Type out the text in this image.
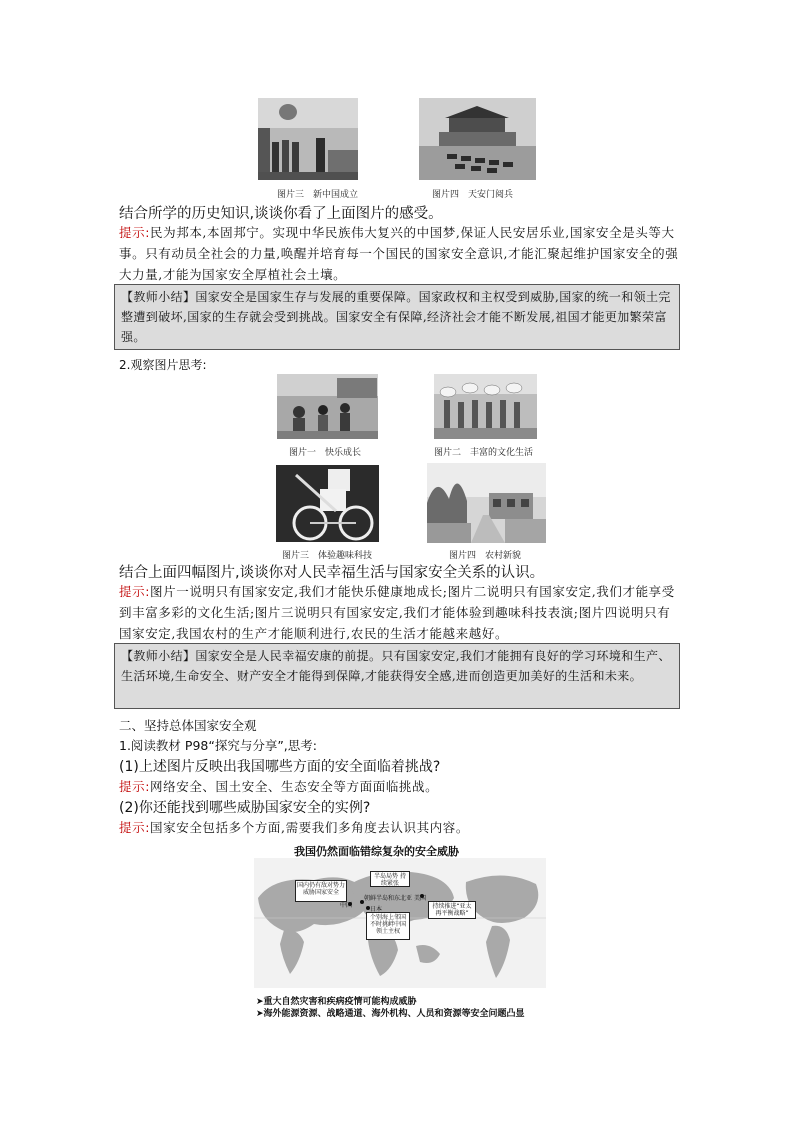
图片三　新中国成立	图片四　天安门阅兵
结合所学的历史知识,谈谈你看了上面图片的感受。
提示:民为邦本,本固邦宁。实现中华民族伟大复兴的中国梦,保证人民安居乐业,国家安全是头等大事。只有动员全社会的力量,唤醒并培育每一个国民的国家安全意识,才能汇聚起维护国家安全的强大力量,才能为国家安全厚植社会土壤。
【教师小结】国家安全是国家生存与发展的重要保障。国家政权和主权受到威胁,国家的统一和领土完整遭到破坏,国家的生存就会受到挑战。国家安全有保障,经济社会才能不断发展,祖国才能更加繁荣富强。
2.观察图片思考:
图片一　快乐成长	图片二　丰富的文化生活
图片三　体验趣味科技	图片四　农村新貌
结合上面四幅图片,谈谈你对人民幸福生活与国家安全关系的认识。
提示:图片一说明只有国家安定,我们才能快乐健康地成长;图片二说明只有国家安定,我们才能享受到丰富多彩的文化生活;图片三说明只有国家安定,我们才能体验到趣味科技表演;图片四说明只有国家安定,我国农村的生产才能顺利进行,农民的生活才能越来越好。
【教师小结】国家安全是人民幸福安康的前提。只有国家安定,我们才能拥有良好的学习环境和生产、生活环境,生命安全、财产安全才能得到保障,才能获得安全感,进而创造更加美好的生活和未来。
二、坚持总体国家安全观
1.阅读教材 P98“探究与分享”,思考:
(1)上述图片反映出我国哪些方面的安全面临着挑战?
提示:网络安全、国土安全、生态安全等方面面临挑战。
(2)你还能找到哪些威胁国家安全的实例?
提示:国家安全包括多个方面,需要我们多角度去认识其内容。
我国仍然面临错综复杂的安全威胁
国内仍有敌对势力威胁国家安全
半岛局势 持续紧张
个别海上邻国 不时挑衅中国 领土主权
持续推进“亚太再平衡战略”
中国
朝鲜半岛和东北亚
日本
美国
➤重大自然灾害和疾病疫情可能构成威胁
➤海外能源资源、战略通道、海外机构、人员和资源等安全问题凸显
